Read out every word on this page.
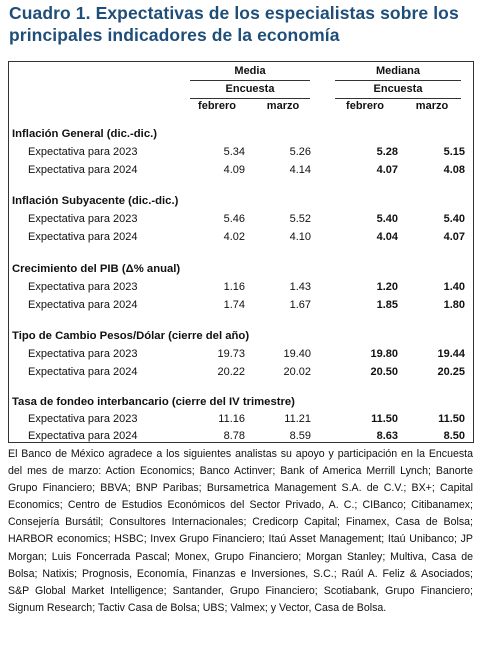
Cuadro 1. Expectativas de los especialistas sobre los principales indicadores de la economía
Media
Encuesta
febrero	marzo
Mediana
Encuesta
febrero	marzo
Inflación General (dic.-dic.)
Expectativa para 2023	5.34	5.26	5.28	5.15
Expectativa para 2024	4.09	4.14	4.07	4.08
Inflación Subyacente (dic.-dic.)
Expectativa para 2023	5.46	5.52	5.40	5.40
Expectativa para 2024	4.02	4.10	4.04	4.07
Crecimiento del PIB (Δ% anual)
Expectativa para 2023	1.16	1.43	1.20	1.40
Expectativa para 2024	1.74	1.67	1.85	1.80
Tipo de Cambio Pesos/Dólar (cierre del año)
Expectativa para 2023	19.73	19.40	19.80	19.44
Expectativa para 2024	20.22	20.02	20.50	20.25
Tasa de fondeo interbancario (cierre del IV trimestre)
Expectativa para 2023	11.16	11.21	11.50	11.50
Expectativa para 2024	8.78	8.59	8.63	8.50
El Banco de México agradece a los siguientes analistas su apoyo y participación en la Encuesta del mes de marzo: Action Economics; Banco Actinver; Bank of America Merrill Lynch; Banorte Grupo Financiero; BBVA; BNP Paribas; Bursametrica Management S.A. de C.V.; BX+; Capital Economics; Centro de Estudios Económicos del Sector Privado, A. C.; CIBanco; Citibanamex; Consejería Bursátil; Consultores Internacionales; Credicorp Capital; Finamex, Casa de Bolsa; HARBOR economics; HSBC; Invex Grupo Financiero; Itaú Asset Management; Itaú Unibanco; JP Morgan; Luis Foncerrada Pascal; Monex, Grupo Financiero; Morgan Stanley; Multiva, Casa de Bolsa; Natixis; Prognosis, Economía, Finanzas e Inversiones, S.C.; Raúl A. Feliz & Asociados; S&P Global Market Intelligence; Santander, Grupo Financiero; Scotiabank, Grupo Financiero; Signum Research; Tactiv Casa de Bolsa; UBS; Valmex; y Vector, Casa de Bolsa.
